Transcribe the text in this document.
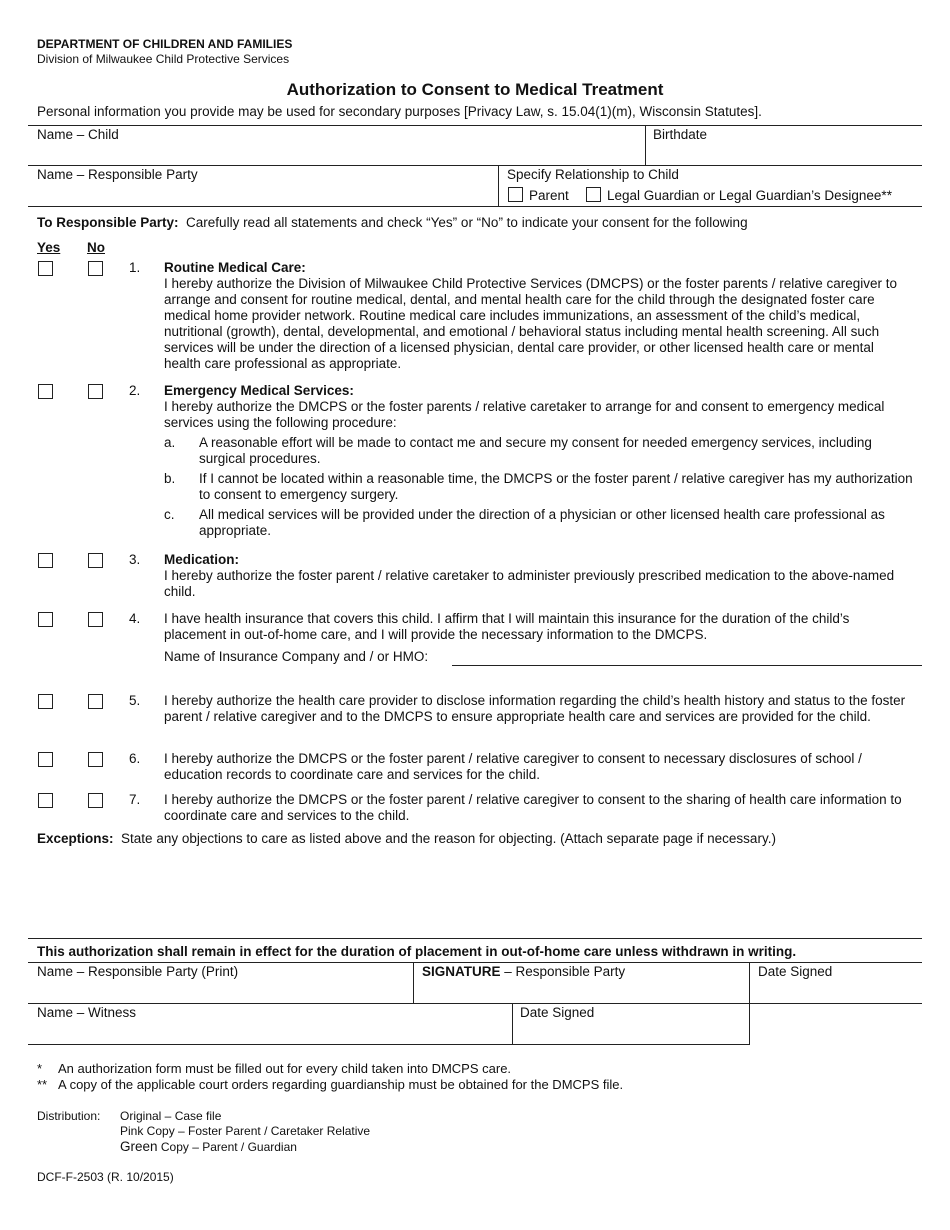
DEPARTMENT OF CHILDREN AND FAMILIES
Division of Milwaukee Child Protective Services
Authorization to Consent to Medical Treatment
Personal information you provide may be used for secondary purposes [Privacy Law, s. 15.04(1)(m), Wisconsin Statutes].
Name – Child	Birthdate
Name – Responsible Party	Specify Relationship to Child
Parent	Legal Guardian or Legal Guardian’s Designee**
To Responsible Party: Carefully read all statements and check “Yes” or “No” to indicate your consent for the following
Yes No
1. Routine Medical Care:
I hereby authorize the Division of Milwaukee Child Protective Services (DMCPS) or the foster parents / relative caregiver to arrange and consent for routine medical, dental, and mental health care for the child through the designated foster care medical home provider network. Routine medical care includes immunizations, an assessment of the child’s medical, nutritional (growth), dental, developmental, and emotional / behavioral status including mental health screening. All such services will be under the direction of a licensed physician, dental care provider, or other licensed health care or mental health care professional as appropriate.
2. Emergency Medical Services:
I hereby authorize the DMCPS or the foster parents / relative caretaker to arrange for and consent to emergency medical services using the following procedure:
a. A reasonable effort will be made to contact me and secure my consent for needed emergency services, including surgical procedures.
b. If I cannot be located within a reasonable time, the DMCPS or the foster parent / relative caregiver has my authorization to consent to emergency surgery.
c. All medical services will be provided under the direction of a physician or other licensed health care professional as appropriate.
3. Medication:
I hereby authorize the foster parent / relative caretaker to administer previously prescribed medication to the above-named child.
4. I have health insurance that covers this child. I affirm that I will maintain this insurance for the duration of the child’s placement in out-of-home care, and I will provide the necessary information to the DMCPS.
Name of Insurance Company and / or HMO:
5. I hereby authorize the health care provider to disclose information regarding the child’s health history and status to the foster parent / relative caregiver and to the DMCPS to ensure appropriate health care and services are provided for the child.
6. I hereby authorize the DMCPS or the foster parent / relative caregiver to consent to necessary disclosures of school / education records to coordinate care and services for the child.
7. I hereby authorize the DMCPS or the foster parent / relative caregiver to consent to the sharing of health care information to coordinate care and services to the child.
Exceptions: State any objections to care as listed above and the reason for objecting. (Attach separate page if necessary.)
This authorization shall remain in effect for the duration of placement in out-of-home care unless withdrawn in writing.
Name – Responsible Party (Print)	SIGNATURE – Responsible Party	Date Signed
Name – Witness	Date Signed
* An authorization form must be filled out for every child taken into DMCPS care.
** A copy of the applicable court orders regarding guardianship must be obtained for the DMCPS file.
Distribution: Original – Case file
Pink Copy – Foster Parent / Caretaker Relative
Green Copy – Parent / Guardian
DCF-F-2503 (R. 10/2015)
